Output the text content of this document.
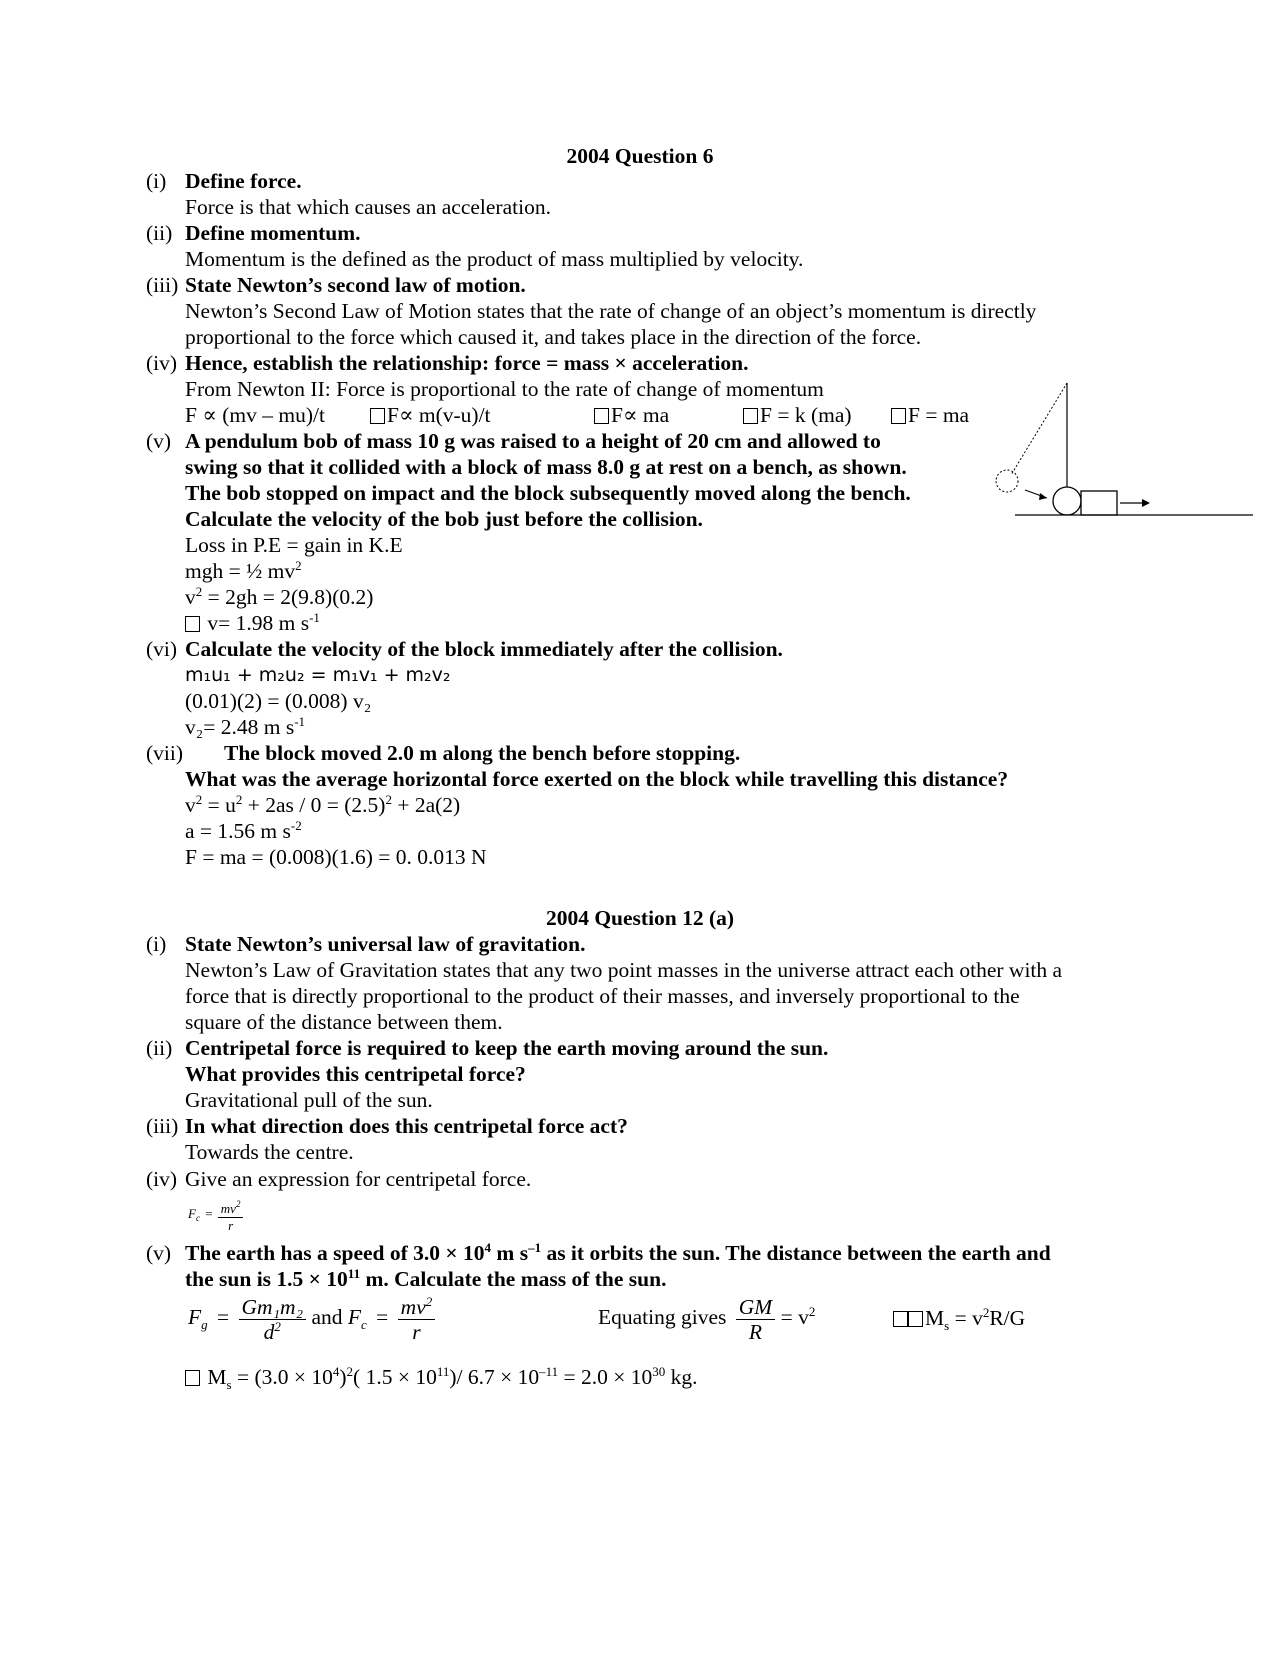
2004 Question 6
(i) Define force.
Force is that which causes an acceleration.
(ii) Define momentum.
Momentum is the defined as the product of mass multiplied by velocity.
(iii) State Newton’s second law of motion.
Newton’s Second Law of Motion states that the rate of change of an object’s momentum is directly
proportional to the force which caused it, and takes place in the direction of the force.
(iv) Hence, establish the relationship: force = mass × acceleration.
From Newton II: Force is proportional to the rate of change of momentum
F ∝ (mv – mu)/t	F∝ m(v-u)/t	F∝ ma	F = k (ma)	F = ma
(v) A pendulum bob of mass 10 g was raised to a height of 20 cm and allowed to
swing so that it collided with a block of mass 8.0 g at rest on a bench, as shown.
The bob stopped on impact and the block subsequently moved along the bench.
Calculate the velocity of the bob just before the collision.
Loss in P.E = gain in K.E
mgh = ½ $mv^2$
$v^2 = 2gh = 2(9.8)(0.2)$
v= 1.98 m $s^{-1}$
(vi) Calculate the velocity of the block immediately after the collision.
m₁u₁ + m₂u₂ = m₁v₁ + m₂v₂
(0.01)(2) = (0.008) v₂
v₂= 2.48 m $s^{-1}$
(vii) The block moved 2.0 m along the bench before stopping.
What was the average horizontal force exerted on the block while travelling this distance?
$v^2 = u^2 + 2as / 0 = (2.5)^2 + 2a(2)$
a = 1.56 m $s^{-2}$
F = ma = (0.008)(1.6) = 0. 0.013 N
2004 Question 12 (a)
(i) State Newton’s universal law of gravitation.
Newton’s Law of Gravitation states that any two point masses in the universe attract each other with a
force that is directly proportional to the product of their masses, and inversely proportional to the
square of the distance between them.
(ii) Centripetal force is required to keep the earth moving around the sun.
What provides this centripetal force?
Gravitational pull of the sun.
(iii) In what direction does this centripetal force act?
Towards the centre.
(iv) Give an expression for centripetal force.
$F_c = \frac{mv^2}{r}$
(v) The earth has a speed of $3.0 \times 10^4$ m $s^{-1}$ as it orbits the sun. The distance between the earth and
the sun is $1.5 \times 10^{11}$ m. Calculate the mass of the sun.
$F_g = \frac{\text{Gm₁m₂}}{d^2}$ and $F_c = \frac{mv^2}{r}$	Equating gives $\frac{GM}{R} = v^2$	$M_s = v^2R/G$
$M_s = (3.0 \times 10^4)^2$( $1.5 \times 10^{11})/$ $6.7 \times 10^{-11} = 2.0 \times 10^{30}$ kg.
